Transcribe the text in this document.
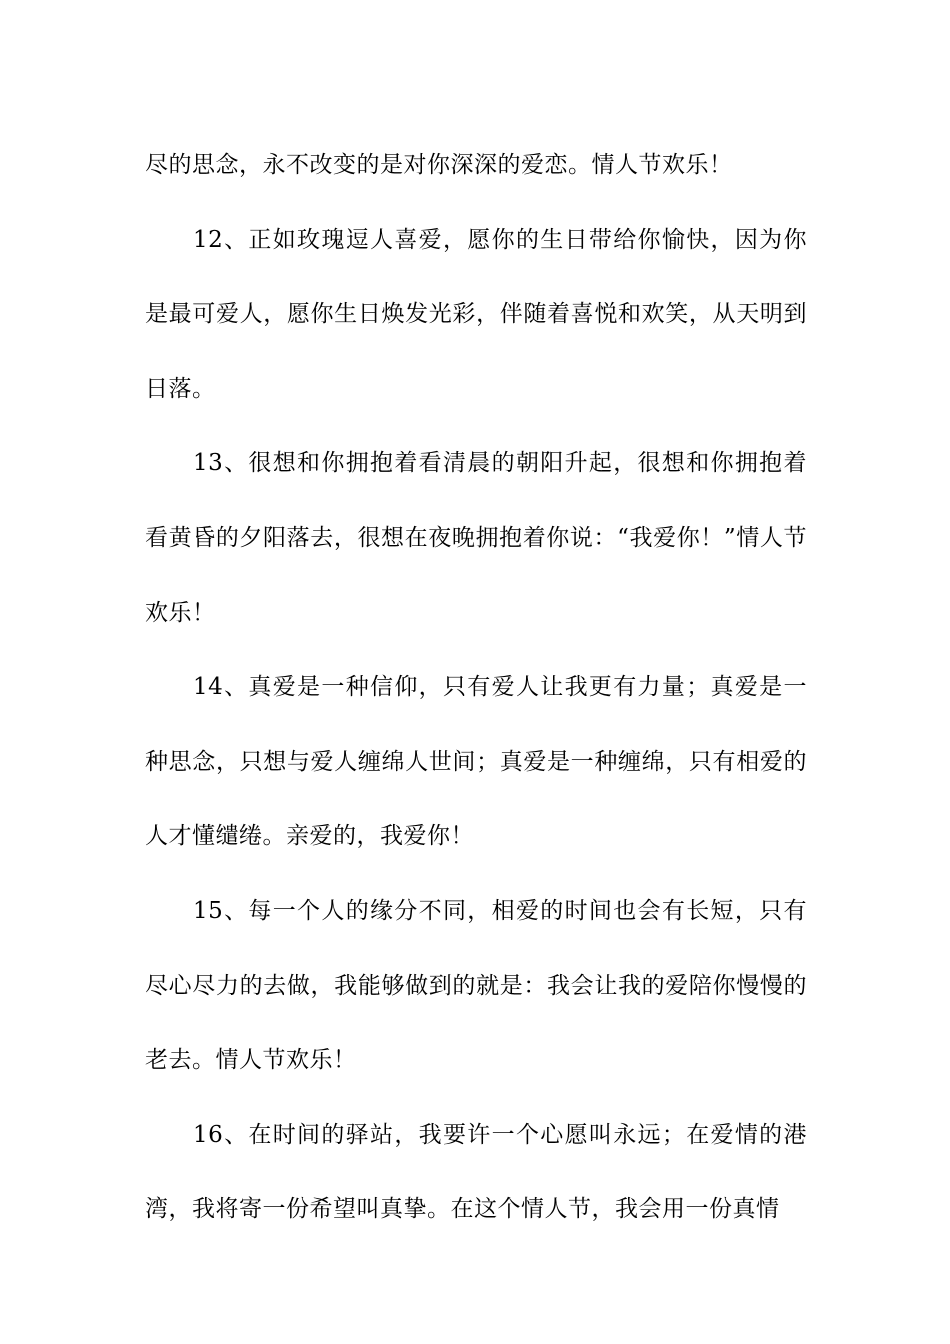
尽的思念，永不改变的是对你深深的爱恋。情人节欢乐！

12、正如玫瑰逗人喜爱，愿你的生日带给你愉快，因为你是最可爱人，愿你生日焕发光彩，伴随着喜悦和欢笑，从天明到日落。

13、很想和你拥抱着看清晨的朝阳升起，很想和你拥抱着看黄昏的夕阳落去，很想在夜晚拥抱着你说：“我爱你！”情人节欢乐！

14、真爱是一种信仰，只有爱人让我更有力量；真爱是一种思念，只想与爱人缠绵人世间；真爱是一种缠绵，只有相爱的人才懂缱绻。亲爱的，我爱你！

15、每一个人的缘分不同，相爱的时间也会有长短，只有尽心尽力的去做，我能够做到的就是：我会让我的爱陪你慢慢的老去。情人节欢乐！

16、在时间的驿站，我要许一个心愿叫永远；在爱情的港湾，我将寄一份希望叫真挚。在这个情人节，我会用一份真情
